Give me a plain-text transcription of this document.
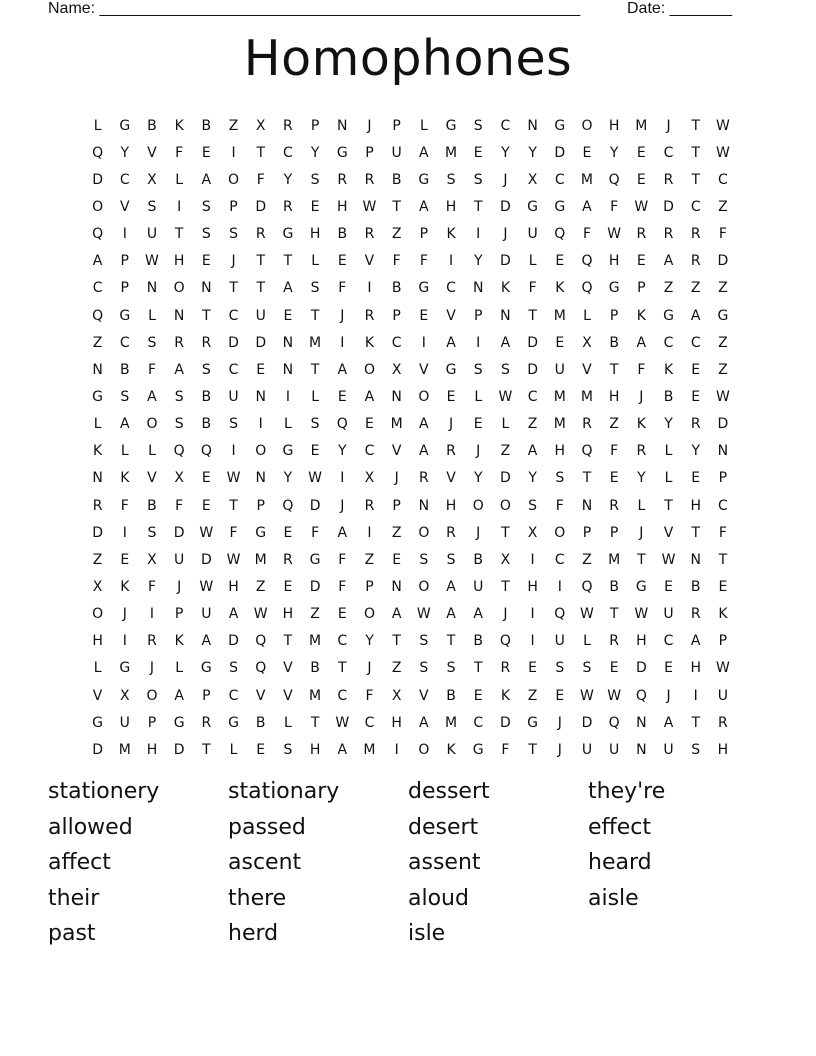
Name: ______________________________________________________	Date: _______
Homophones
L	G	B	K	B	Z	X	R	P	N	J	P	L	G	S	C	N	G	O	H	M	J	T	W
Q	Y	V	F	E	I	T	C	Y	G	P	U	A	M	E	Y	Y	D	E	Y	E	C	T	W
D	C	X	L	A	O	F	Y	S	R	R	B	G	S	S	J	X	C	M	Q	E	R	T	C
O	V	S	I	S	P	D	R	E	H	W	T	A	H	T	D	G	G	A	F	W	D	C	Z
Q	I	U	T	S	S	R	G	H	B	R	Z	P	K	I	J	U	Q	F	W	R	R	R	F
A	P	W	H	E	J	T	T	L	E	V	F	F	I	Y	D	L	E	Q	H	E	A	R	D
C	P	N	O	N	T	T	A	S	F	I	B	G	C	N	K	F	K	Q	G	P	Z	Z	Z
Q	G	L	N	T	C	U	E	T	J	R	P	E	V	P	N	T	M	L	P	K	G	A	G
Z	C	S	R	R	D	D	N	M	I	K	C	I	A	I	A	D	E	X	B	A	C	C	Z
N	B	F	A	S	C	E	N	T	A	O	X	V	G	S	S	D	U	V	T	F	K	E	Z
G	S	A	S	B	U	N	I	L	E	A	N	O	E	L	W	C	M	M	H	J	B	E	W
L	A	O	S	B	S	I	L	S	Q	E	M	A	J	E	L	Z	M	R	Z	K	Y	R	D
K	L	L	Q	Q	I	O	G	E	Y	C	V	A	R	J	Z	A	H	Q	F	R	L	Y	N
N	K	V	X	E	W	N	Y	W	I	X	J	R	V	Y	D	Y	S	T	E	Y	L	E	P
R	F	B	F	E	T	P	Q	D	J	R	P	N	H	O	O	S	F	N	R	L	T	H	C
D	I	S	D	W	F	G	E	F	A	I	Z	O	R	J	T	X	O	P	P	J	V	T	F
Z	E	X	U	D	W	M	R	G	F	Z	E	S	S	B	X	I	C	Z	M	T	W	N	T
X	K	F	J	W	H	Z	E	D	F	P	N	O	A	U	T	H	I	Q	B	G	E	B	E
O	J	I	P	U	A	W	H	Z	E	O	A	W	A	A	J	I	Q	W	T	W	U	R	K
H	I	R	K	A	D	Q	T	M	C	Y	T	S	T	B	Q	I	U	L	R	H	C	A	P
L	G	J	L	G	S	Q	V	B	T	J	Z	S	S	T	R	E	S	S	E	D	E	H	W
V	X	O	A	P	C	V	V	M	C	F	X	V	B	E	K	Z	E	W W	Q	J	I	U
G	U	P	G	R	G	B	L	T	W	C	H	A	M	C	D	G	J	D	Q	N	A	T	R
D	M	H	D	T	L	E	S	H	A	M	I	O	K	G	F	T	J	U	U	N	U	S	H
stationery	stationary	dessert	they're
allowed	passed	desert	effect
affect	ascent	assent	heard
their	there	aloud	aisle
past	herd	isle
